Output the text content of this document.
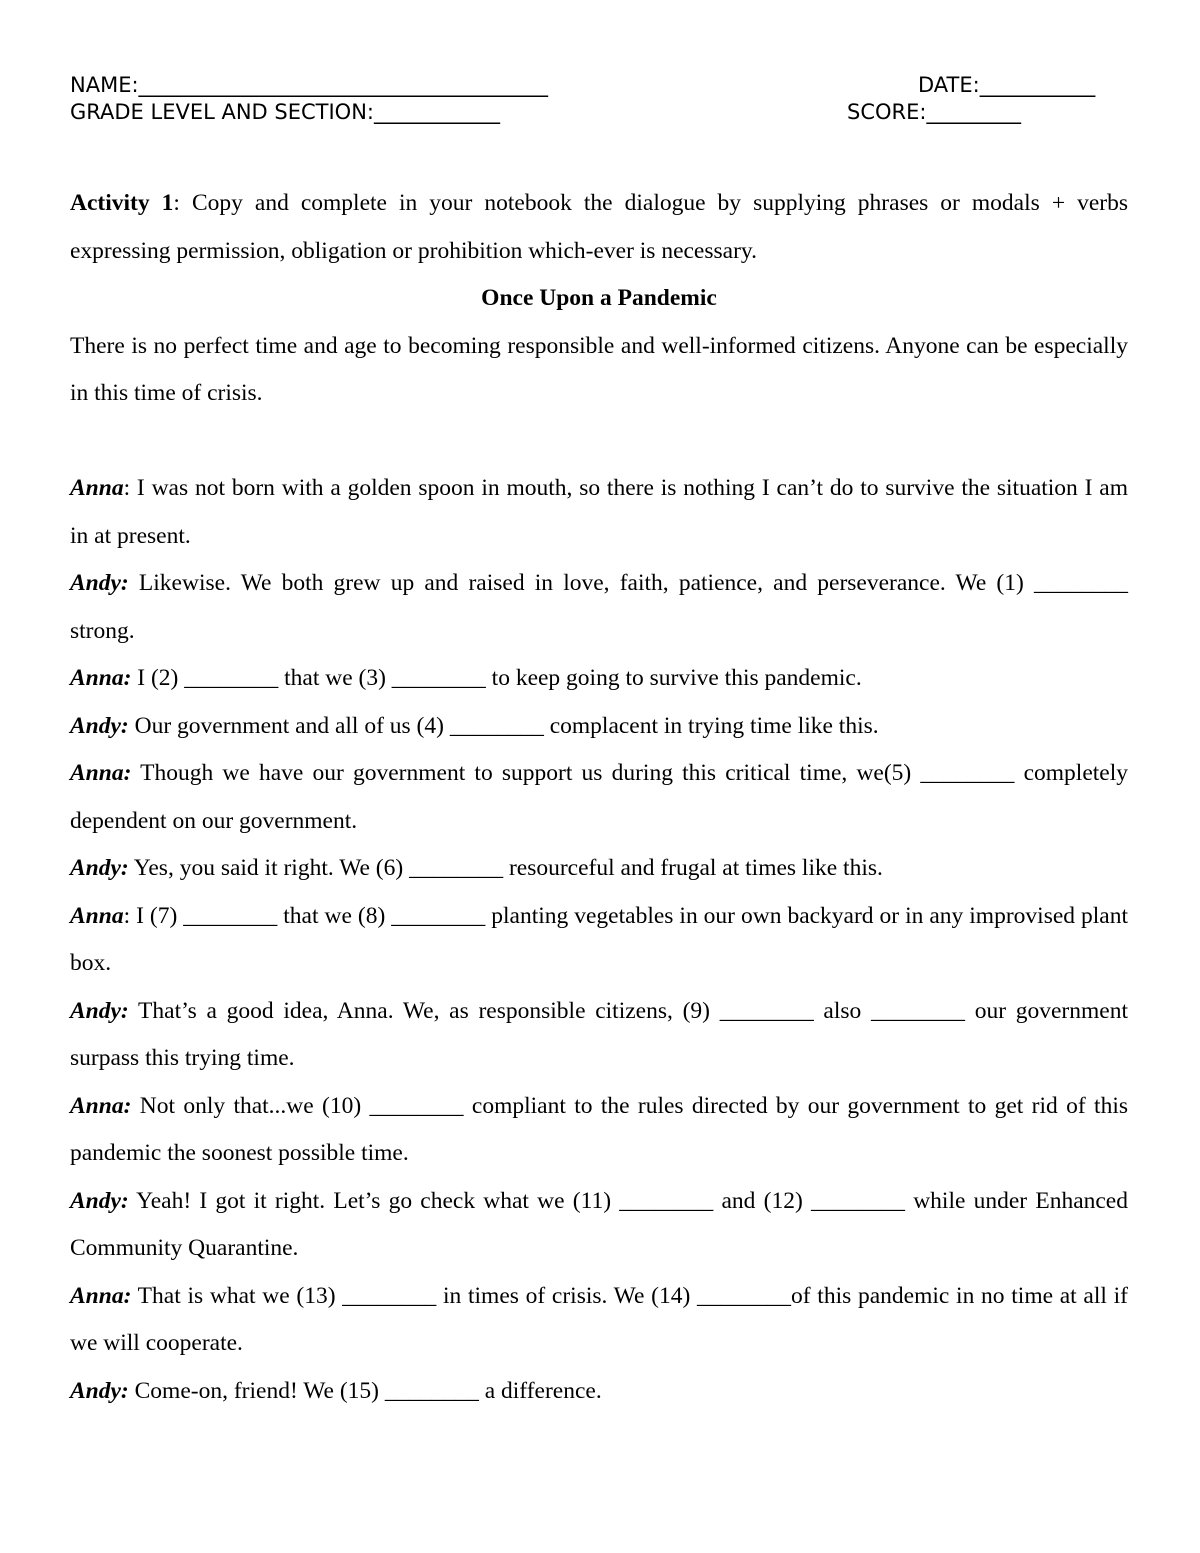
NAME:_______________________________________	DATE:___________
GRADE LEVEL AND SECTION:____________	SCORE:_________

Activity 1: Copy and complete in your notebook the dialogue by supplying phrases or modals + verbs expressing permission, obligation or prohibition which-ever is necessary.

Once Upon a Pandemic

There is no perfect time and age to becoming responsible and well-informed citizens. Anyone can be especially in this time of crisis.

Anna: I was not born with a golden spoon in mouth, so there is nothing I can’t do to survive the situation I am in at present.

Andy: Likewise. We both grew up and raised in love, faith, patience, and perseverance. We (1) ________ strong.

Anna: I (2) ________ that we (3) ________ to keep going to survive this pandemic.

Andy: Our government and all of us (4) ________ complacent in trying time like this.

Anna: Though we have our government to support us during this critical time, we(5) ________ completely dependent on our government.

Andy: Yes, you said it right. We (6) ________ resourceful and frugal at times like this.

Anna: I (7) ________ that we (8) ________ planting vegetables in our own backyard or in any improvised plant box.

Andy: That’s a good idea, Anna. We, as responsible citizens, (9) ________ also ________ our government surpass this trying time.

Anna: Not only that...we (10) ________ compliant to the rules directed by our government to get rid of this pandemic the soonest possible time.

Andy: Yeah! I got it right. Let’s go check what we (11) ________ and (12) ________ while under Enhanced Community Quarantine.

Anna: That is what we (13) ________ in times of crisis. We (14) ________of this pandemic in no time at all if we will cooperate.

Andy: Come-on, friend! We (15) ________ a difference.
